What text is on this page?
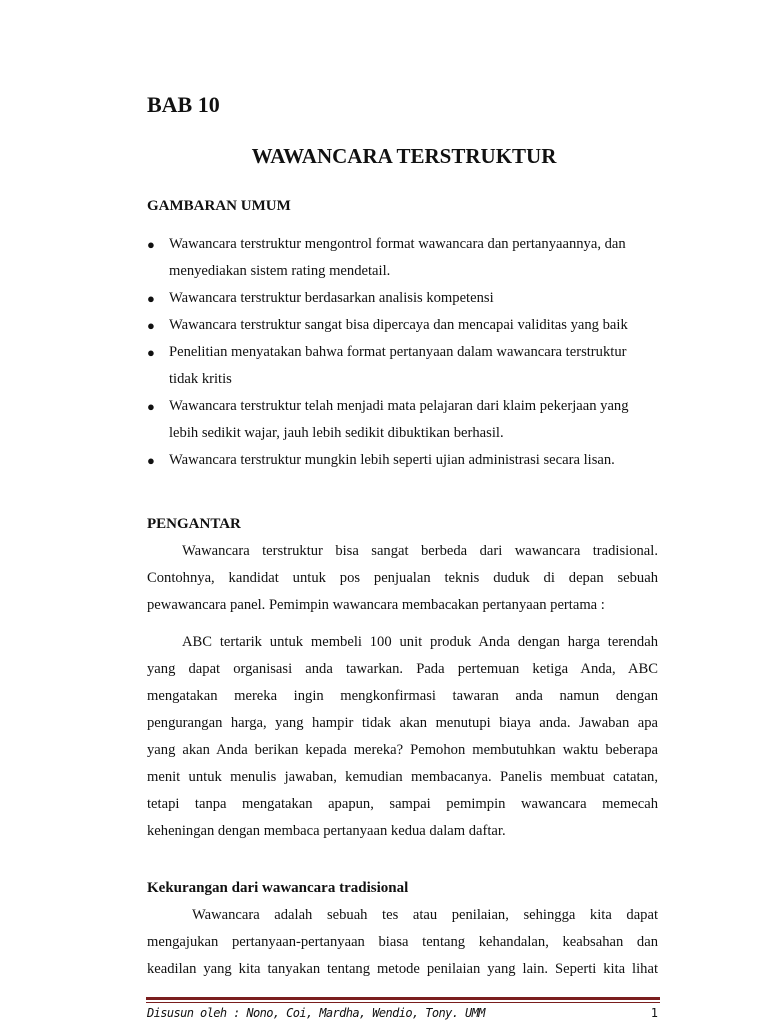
BAB 10
WAWANCARA TERSTRUKTUR
GAMBARAN UMUM
● Wawancara terstruktur mengontrol format wawancara dan pertanyaannya, dan
menyediakan sistem rating mendetail.
● Wawancara terstruktur berdasarkan analisis kompetensi
● Wawancara terstruktur sangat bisa dipercaya dan mencapai validitas yang baik
● Penelitian menyatakan bahwa format pertanyaan dalam wawancara terstruktur
tidak kritis
● Wawancara terstruktur telah menjadi mata pelajaran dari klaim pekerjaan yang
lebih sedikit wajar, jauh lebih sedikit dibuktikan berhasil.
● Wawancara terstruktur mungkin lebih seperti ujian administrasi secara lisan.
PENGANTAR

Wawancara terstruktur bisa sangat berbeda dari wawancara tradisional.
Contohnya, kandidat untuk pos penjualan teknis duduk di depan sebuah
pewawancara panel. Pemimpin wawancara membacakan pertanyaan pertama :

ABC tertarik untuk membeli 100 unit produk Anda dengan harga terendah
yang dapat organisasi anda tawarkan. Pada pertemuan ketiga Anda, ABC
mengatakan mereka ingin mengkonfirmasi tawaran anda namun dengan
pengurangan harga, yang hampir tidak akan menutupi biaya anda. Jawaban apa
yang akan Anda berikan kepada mereka? Pemohon membutuhkan waktu beberapa
menit untuk menulis jawaban, kemudian membacanya. Panelis membuat catatan,
tetapi tanpa mengatakan apapun, sampai pemimpin wawancara memecah
keheningan dengan membaca pertanyaan kedua dalam daftar.

Kekurangan dari wawancara tradisional

Wawancara adalah sebuah tes atau penilaian, sehingga kita dapat
mengajukan pertanyaan-pertanyaan biasa tentang kehandalan, keabsahan dan
keadilan yang kita tanyakan tentang metode penilaian yang lain. Seperti kita lihat

Disusun oleh : Nono, Coi, Mardha, Wendio, Tony. UMM	1
